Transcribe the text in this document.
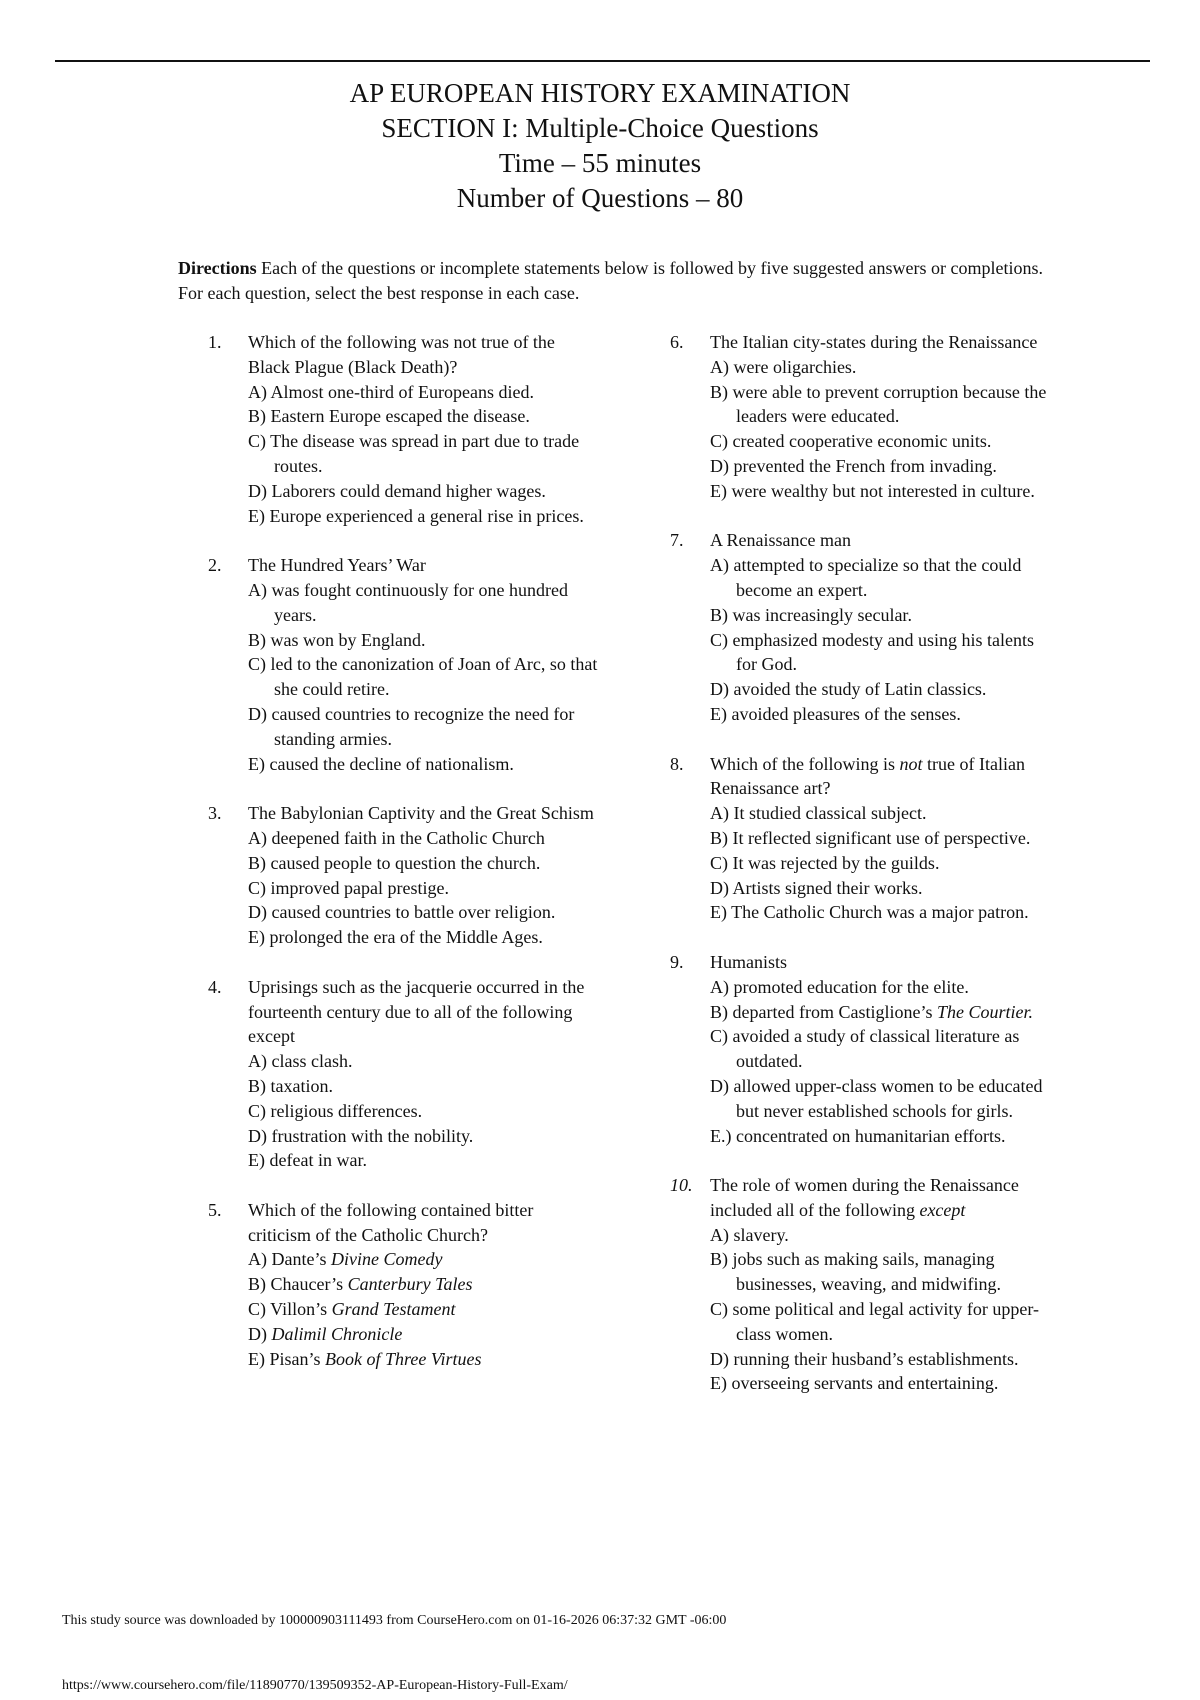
AP EUROPEAN HISTORY EXAMINATION
SECTION I: Multiple-Choice Questions
Time – 55 minutes
Number of Questions – 80
Directions Each of the questions or incomplete statements below is followed by five suggested answers or completions. For each question, select the best response in each case.
1.	Which of the following was not true of the Black Plague (Black Death)?
A) Almost one-third of Europeans died.
B) Eastern Europe escaped the disease.
C) The disease was spread in part due to trade routes.
D) Laborers could demand higher wages.
E) Europe experienced a general rise in prices.
2.	The Hundred Years’ War
A) was fought continuously for one hundred years.
B) was won by England.
C) led to the canonization of Joan of Arc, so that she could retire.
D) caused countries to recognize the need for standing armies.
E) caused the decline of nationalism.
3.	The Babylonian Captivity and the Great Schism
A) deepened faith in the Catholic Church
B) caused people to question the church.
C) improved papal prestige.
D) caused countries to battle over religion.
E) prolonged the era of the Middle Ages.
4.	Uprisings such as the jacquerie occurred in the fourteenth century due to all of the following except
A) class clash.
B) taxation.
C) religious differences.
D) frustration with the nobility.
E) defeat in war.
5.	Which of the following contained bitter criticism of the Catholic Church?
A) Dante’s Divine Comedy
B) Chaucer’s Canterbury Tales
C) Villon’s Grand Testament
D) Dalimil Chronicle
E) Pisan’s Book of Three Virtues
6.	The Italian city-states during the Renaissance
A) were oligarchies.
B) were able to prevent corruption because the leaders were educated.
C) created cooperative economic units.
D) prevented the French from invading.
E) were wealthy but not interested in culture.
7.	A Renaissance man
A) attempted to specialize so that the could become an expert.
B) was increasingly secular.
C) emphasized modesty and using his talents for God.
D) avoided the study of Latin classics.
E) avoided pleasures of the senses.
8.	Which of the following is not true of Italian Renaissance art?
A) It studied classical subject.
B) It reflected significant use of perspective.
C) It was rejected by the guilds.
D) Artists signed their works.
E) The Catholic Church was a major patron.
9.	Humanists
A) promoted education for the elite.
B) departed from Castiglione’s The Courtier.
C) avoided a study of classical literature as outdated.
D) allowed upper-class women to be educated but never established schools for girls.
E.) concentrated on humanitarian efforts.
10. The role of women during the Renaissance included all of the following except
A) slavery.
B) jobs such as making sails, managing businesses, weaving, and midwifing.
C) some political and legal activity for upper-class women.
D) running their husband’s establishments.
E) overseeing servants and entertaining.
This study source was downloaded by 100000903111493 from CourseHero.com on 01-16-2026 06:37:32 GMT -06:00
https://www.coursehero.com/file/11890770/139509352-AP-European-History-Full-Exam/
